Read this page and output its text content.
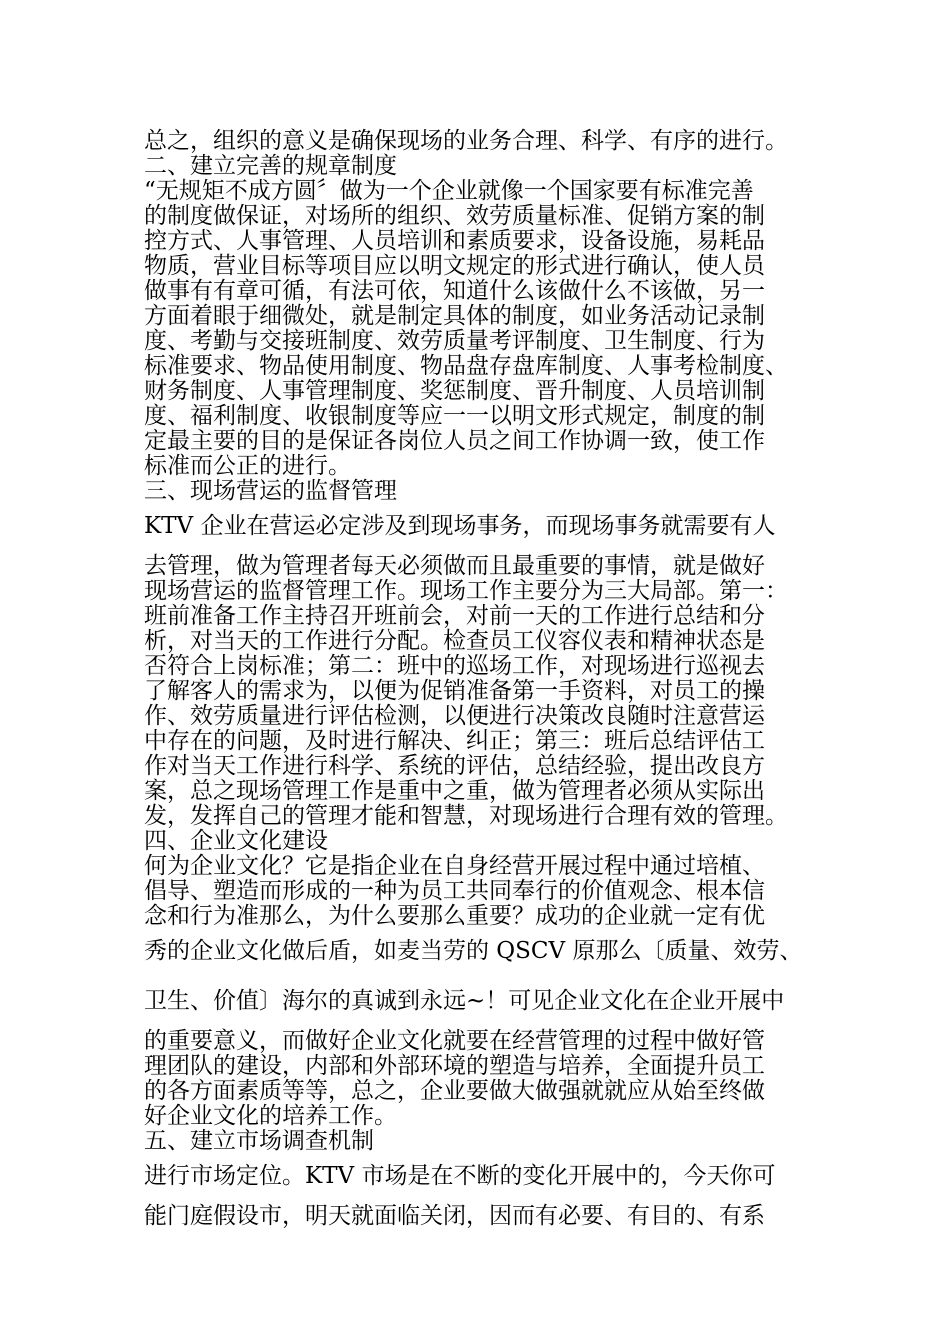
总之，组织的意义是确保现场的业务合理、科学、有序的进行。
二、建立完善的规章制度
“无规矩不成方圆〞做为一个企业就像一个国家要有标准完善
的制度做保证，对场所的组织、效劳质量标准、促销方案的制
控方式、人事管理、人员培训和素质要求，设备设施，易耗品
物质，营业目标等项目应以明文规定的形式进行确认，使人员
做事有有章可循，有法可依，知道什么该做什么不该做，另一
方面着眼于细微处，就是制定具体的制度，如业务活动记录制
度、考勤与交接班制度、效劳质量考评制度、卫生制度、行为
标准要求、物品使用制度、物品盘存盘库制度、人事考检制度、
财务制度、人事管理制度、奖惩制度、晋升制度、人员培训制
度、福利制度、收银制度等应一一以明文形式规定，制度的制
定最主要的目的是保证各岗位人员之间工作协调一致，使工作
标准而公正的进行。
三、现场营运的监督管理
KTV 企业在营运必定涉及到现场事务，而现场事务就需要有人
去管理，做为管理者每天必须做而且最重要的事情，就是做好
现场营运的监督管理工作。现场工作主要分为三大局部。第一：
班前准备工作主持召开班前会，对前一天的工作进行总结和分
析，对当天的工作进行分配。检查员工仪容仪表和精神状态是
否符合上岗标准；第二：班中的巡场工作，对现场进行巡视去
了解客人的需求为，以便为促销准备第一手资料，对员工的操
作、效劳质量进行评估检测，以便进行决策改良随时注意营运
中存在的问题，及时进行解决、纠正；第三：班后总结评估工
作对当天工作进行科学、系统的评估，总结经验，提出改良方
案，总之现场管理工作是重中之重，做为管理者必须从实际出
发，发挥自己的管理才能和智慧，对现场进行合理有效的管理。
四、企业文化建设
何为企业文化？它是指企业在自身经营开展过程中通过培植、
倡导、塑造而形成的一种为员工共同奉行的价值观念、根本信
念和行为准那么，为什么要那么重要？成功的企业就一定有优
秀的企业文化做后盾，如麦当劳的 QSCV 原那么〔质量、效劳、
卫生、价值〕海尔的真诚到永远~！可见企业文化在企业开展中
的重要意义，而做好企业文化就要在经营管理的过程中做好管
理团队的建设，内部和外部环境的塑造与培养，全面提升员工
的各方面素质等等，总之，企业要做大做强就就应从始至终做
好企业文化的培养工作。
五、建立市场调查机制
进行市场定位。KTV 市场是在不断的变化开展中的，今天你可
能门庭假设市，明天就面临关闭，因而有必要、有目的、有系
